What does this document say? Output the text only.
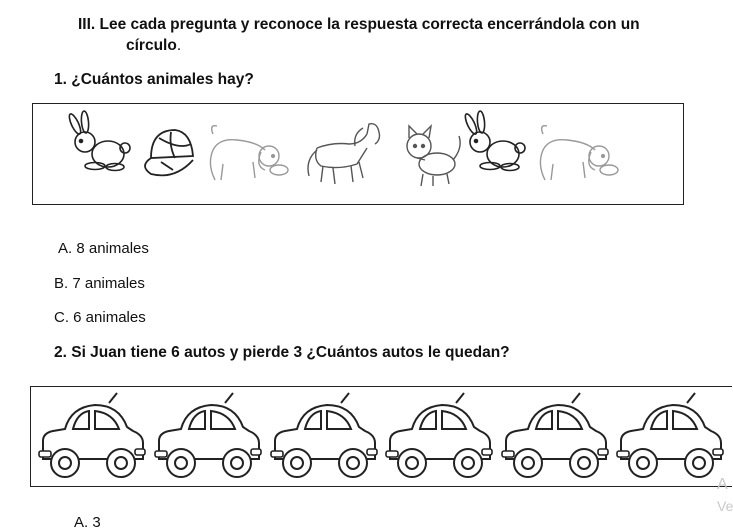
III. Lee cada pregunta y reconoce la respuesta correcta encerrándola con un
círculo.
1. ¿Cuántos animales hay?
A. 8 animales
B. 7 animales
C. 6 animales
2. Si Juan tiene 6 autos y pierde 3 ¿Cuántos autos le quedan?
A. 3
A
Ve
